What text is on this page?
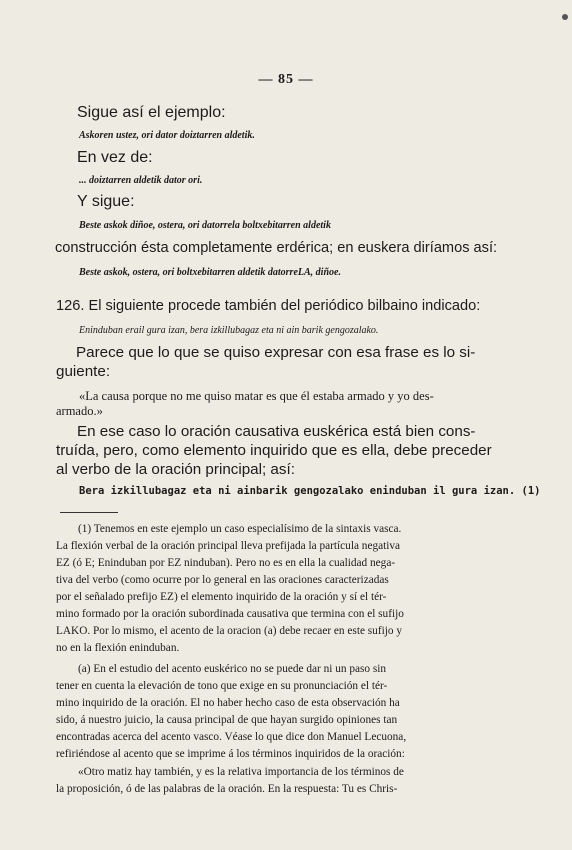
— 85 —
Sigue así el ejemplo:
Askoren ustez, ori dator doiztarren aldetik.
En vez de:
... doiztarren aldetik dator ori.
Y sigue:
Beste askok diñoe, ostera, ori datorrela boltxebitarren aldetik
construcción ésta completamente erdérica; en euskera diríamos así:
Beste askok, ostera, ori boltxebitarren aldetik datorreLA, diñoe.
126. El siguiente procede también del periódico bilbaino indicado:
Eninduban erail gura izan, bera izkillubagaz eta ni ain barik gengozalako.
Parece que lo que se quiso expresar con esa frase es lo si-
guiente:
«La causa porque no me quiso matar es que él estaba armado y yo des-
armado.»
En ese caso lo oración causativa euskérica está bien cons-
truída, pero, como elemento inquirido que es ella, debe preceder
al verbo de la oración principal; así:
Bera izkillubagaz eta ni ainbarik gengozalako eninduban il gura izan. (1)
(1) Tenemos en este ejemplo un caso especialísimo de la sintaxis vasca.
La flexión verbal de la oración principal lleva prefijada la partícula negativa
EZ (ó E; Eninduban por EZ ninduban). Pero no es en ella la cualidad nega-
tiva del verbo (como ocurre por lo general en las oraciones caracterizadas
por el señalado prefijo EZ) el elemento inquirido de la oración y sí el tér-
mino formado por la oración subordinada causativa que termina con el sufijo
LAKO. Por lo mismo, el acento de la oracion (a) debe recaer en este sufijo y
no en la flexión eninduban.
(a) En el estudio del acento euskérico no se puede dar ni un paso sin
tener en cuenta la elevación de tono que exige en su pronunciación el tér-
mino inquirido de la oración. El no haber hecho caso de esta observación ha
sido, á nuestro juicio, la causa principal de que hayan surgido opiniones tan
encontradas acerca del acento vasco. Véase lo que dice don Manuel Lecuona,
refiriéndose al acento que se imprime á los términos inquiridos de la oración:
«Otro matiz hay también, y es la relativa importancia de los términos de
la proposición, ó de las palabras de la oración. En la respuesta: Tu es Chris-
